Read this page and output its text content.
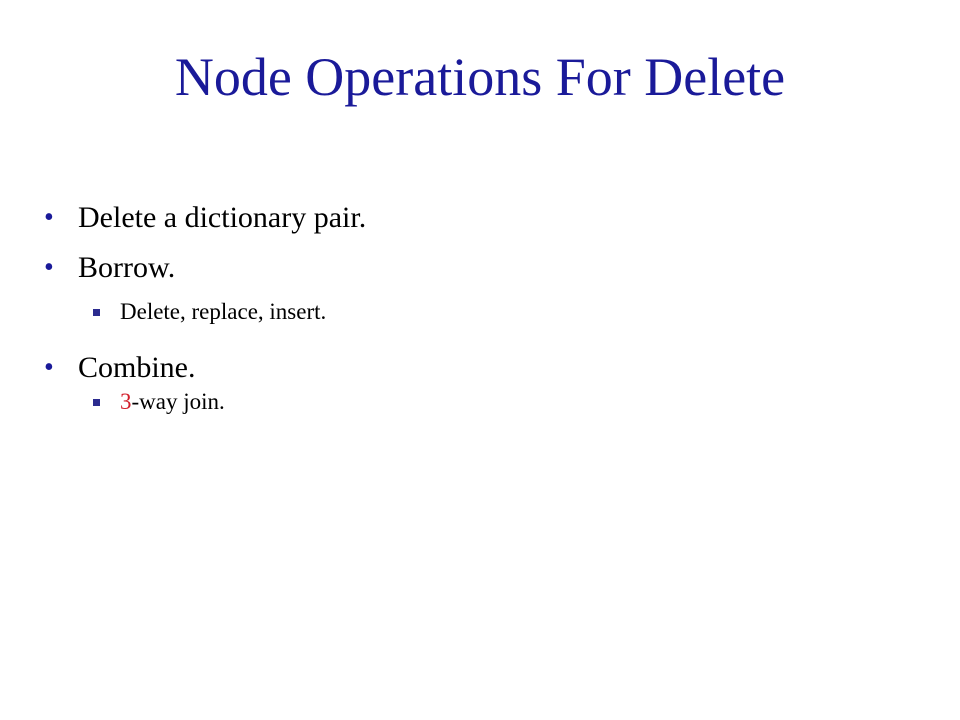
Node Operations For Delete
• Delete a dictionary pair.
• Borrow.
Delete, replace, insert.
• Combine.
3-way join.
